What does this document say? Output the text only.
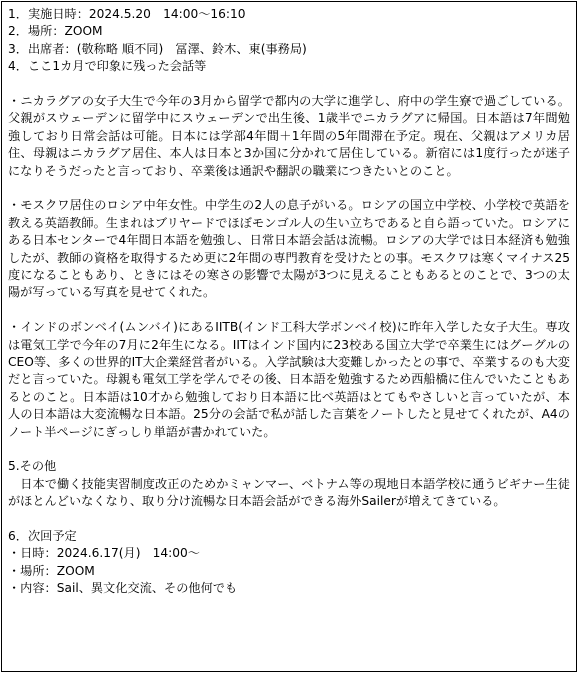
1．実施日時：2024.5.20　14:00～16:10
2．場所：ZOOM
3．出席者：(敬称略 順不同)　冨澤、鈴木、東(事務局)
4．ここ1カ月で印象に残った会話等
・ニカラグアの女子大生で今年の3月から留学で都内の大学に進学し、府中の学生寮で過ごしている。父親がスウェーデンに留学中にスウェーデンで出生後、1歳半でニカラグアに帰国。日本語は7年間勉強しており日常会話は可能。日本には学部4年間＋1年間の5年間滞在予定。現在、父親はアメリカ居住、母親はニカラグア居住、本人は日本と3か国に分かれて居住している。新宿には1度行ったが迷子になりそうだったと言っており、卒業後は通訳や翻訳の職業につきたいとのこと。
・モスクワ居住のロシア中年女性。中学生の2人の息子がいる。ロシアの国立中学校、小学校で英語を教える英語教師。生まれはブリヤードでほぼモンゴル人の生い立ちであると自ら語っていた。ロシアにある日本センターで4年間日本語を勉強し、日常日本語会話は流暢。ロシアの大学では日本経済も勉強したが、教師の資格を取得するため更に2年間の専門教育を受けたとの事。モスクワは寒くマイナス25度になることもあり、ときにはその寒さの影響で太陽が3つに見えることもあるとのことで、3つの太陽が写っている写真を見せてくれた。
・インドのボンベイ(ムンバイ)にあるIITB(インド工科大学ボンベイ校)に昨年入学した女子大生。専攻は電気工学で今年の7月に2年生になる。IITはインド国内に23校ある国立大学で卒業生にはグーグルのCEO等、多くの世界的IT大企業経営者がいる。入学試験は大変難しかったとの事で、卒業するのも大変だと言っていた。母親も電気工学を学んでその後、日本語を勉強するため西船橋に住んでいたこともあるとのこと。日本語は10才から勉強しており日本語に比べ英語はとてもやさしいと言っていたが、本人の日本語は大変流暢な日本語。25分の会話で私が話した言葉をノートしたと見せてくれたが、A4のノート半ページにぎっしり単語が書かれていた。
5.その他
　日本で働く技能実習制度改正のためかミャンマー、ベトナム等の現地日本語学校に通うビギナー生徒がほとんどいなくなり、取り分け流暢な日本語会話ができる海外Sailerが増えてきている。
6．次回予定
・日時：2024.6.17(月)　14:00～
・場所：ZOOM
・内容：Sail、異文化交流、その他何でも
